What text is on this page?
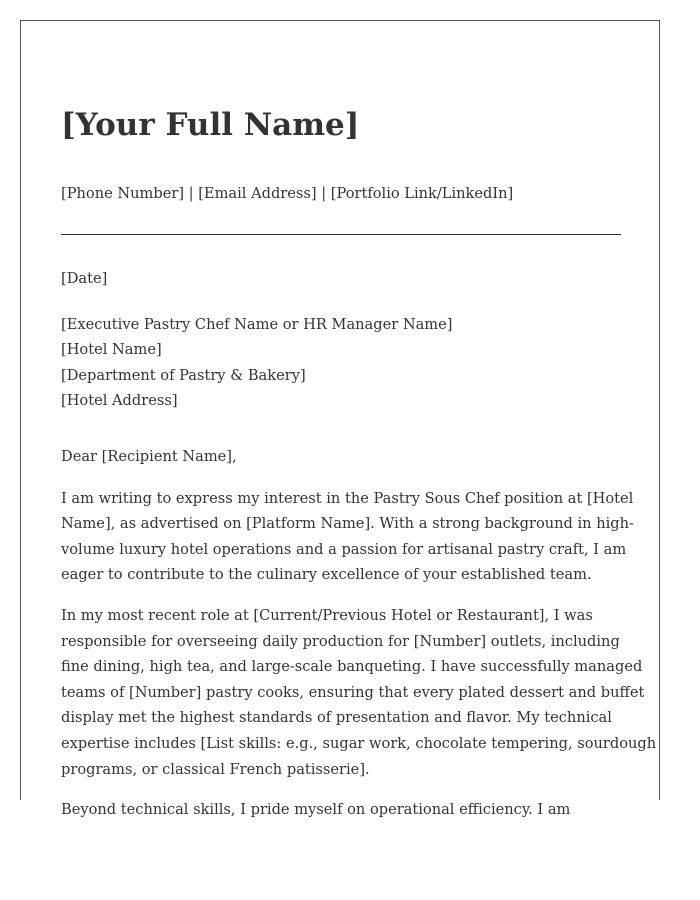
[Your Full Name]

[Phone Number] | [Email Address] | [Portfolio Link/LinkedIn]

[Date]

[Executive Pastry Chef Name or HR Manager Name]
[Hotel Name]
[Department of Pastry & Bakery]
[Hotel Address]

Dear [Recipient Name],

I am writing to express my interest in the Pastry Sous Chef position at [Hotel
Name], as advertised on [Platform Name]. With a strong background in high-
volume luxury hotel operations and a passion for artisanal pastry craft, I am
eager to contribute to the culinary excellence of your established team.

In my most recent role at [Current/Previous Hotel or Restaurant], I was
responsible for overseeing daily production for [Number] outlets, including
fine dining, high tea, and large-scale banqueting. I have successfully managed
teams of [Number] pastry cooks, ensuring that every plated dessert and buffet
display met the highest standards of presentation and flavor. My technical
expertise includes [List skills: e.g., sugar work, chocolate tempering, sourdough
programs, or classical French patisserie].

Beyond technical skills, I pride myself on operational efficiency. I am
